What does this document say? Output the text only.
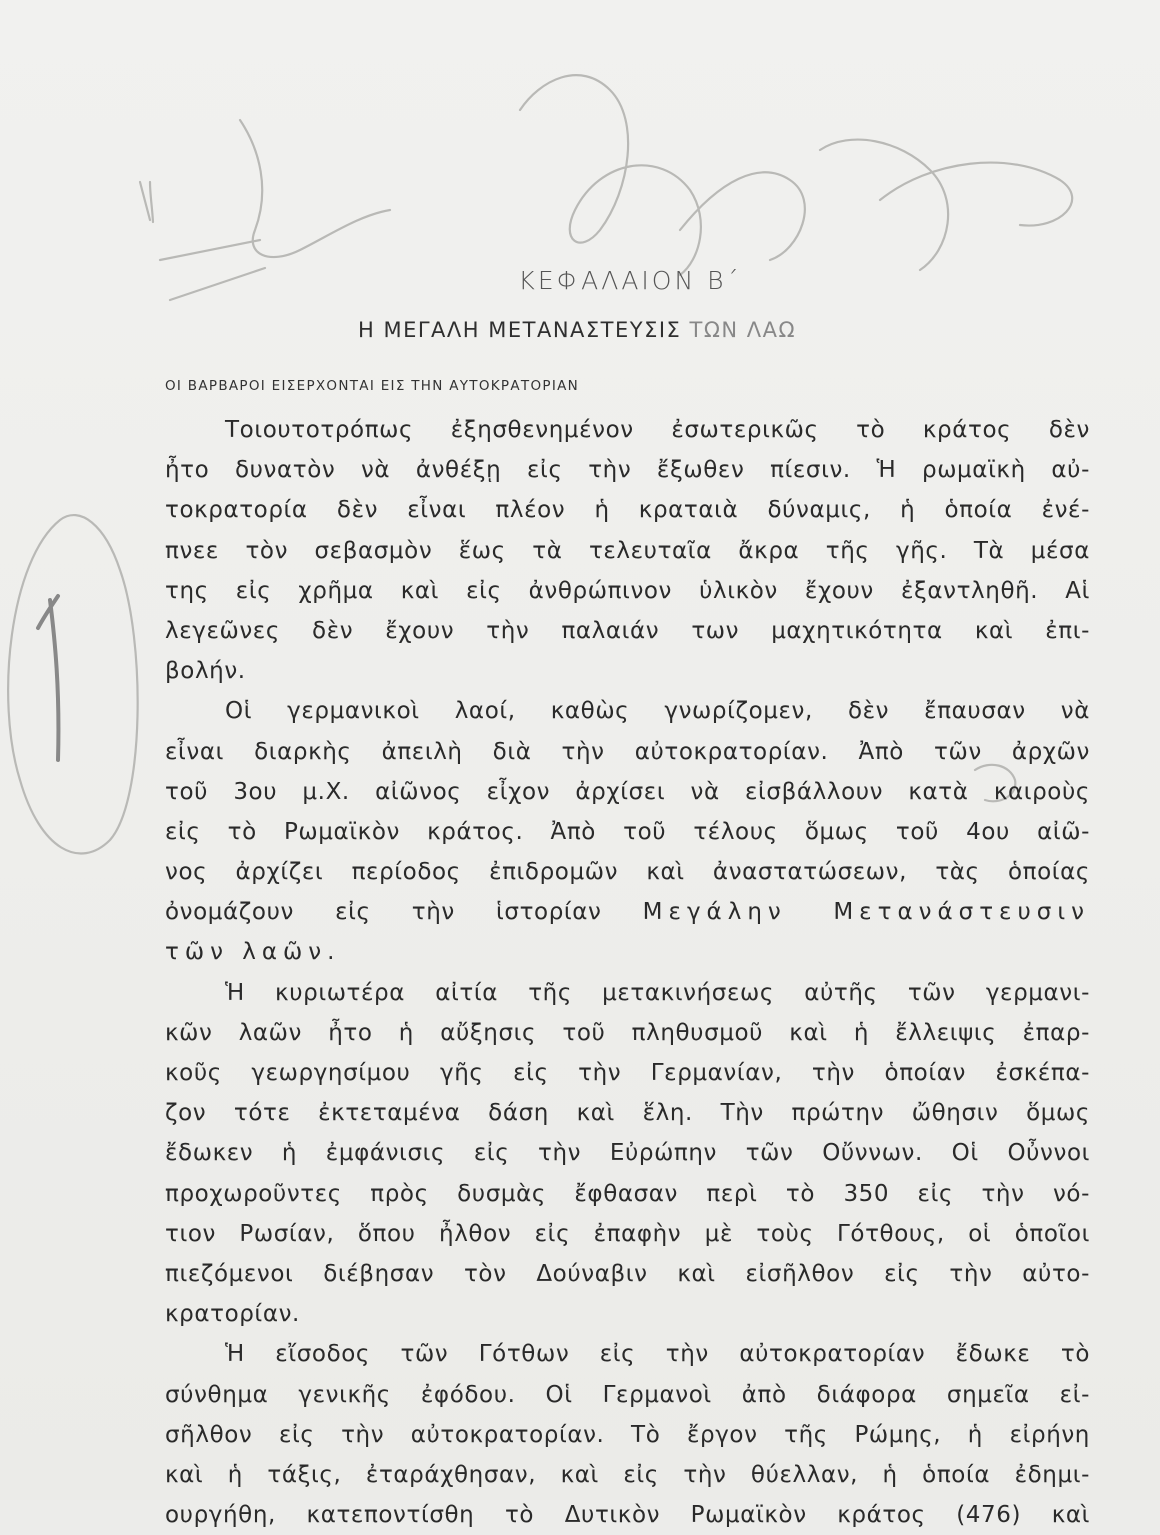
ΚΕΦΑΛΑΙΟΝ Β΄
Η ΜΕΓΑΛΗ ΜΕΤΑΝΑΣΤΕΥΣΙΣ ΤΩΝ ΛΑΩ
ΟΙ ΒΑΡΒΑΡΟΙ ΕΙΣΕΡΧΟΝΤΑΙ ΕΙΣ ΤΗΝ ΑΥΤΟΚΡΑΤΟΡΙΑΝ
Τοιουτοτρόπως ἐξησθενημένον ἐσωτερικῶς τὸ κράτος δὲν
ἦτο δυνατὸν νὰ ἀνθέξῃ εἰς τὴν ἔξωθεν πίεσιν. Ἡ ρωμαϊκὴ αὐ-
τοκρατορία δὲν εἶναι πλέον ἡ κραταιὰ δύναμις, ἡ ὁποία ἐνέ-
πνεε τὸν σεβασμὸν ἕως τὰ τελευταῖα ἄκρα τῆς γῆς. Τὰ μέσα
της εἰς χρῆμα καὶ εἰς ἀνθρώπινον ὑλικὸν ἔχουν ἐξαντληθῆ. Αἱ
λεγεῶνες δὲν ἔχουν τὴν παλαιάν των μαχητικότητα καὶ ἐπι-
βολήν.
Οἱ γερμανικοὶ λαοί, καθὼς γνωρίζομεν, δὲν ἔπαυσαν νὰ
εἶναι διαρκὴς ἀπειλὴ διὰ τὴν αὐτοκρατορίαν. Ἀπὸ τῶν ἀρχῶν
τοῦ 3ου μ.Χ. αἰῶνος εἶχον ἀρχίσει νὰ εἰσβάλλουν κατὰ καιροὺς
εἰς τὸ Ρωμαϊκὸν κράτος. Ἀπὸ τοῦ τέλους ὅμως τοῦ 4ου αἰῶ-
νος ἀρχίζει περίοδος ἐπιδρομῶν καὶ ἀναστατώσεων, τὰς ὁποίας
ὀνομάζουν εἰς τὴν ἱστορίαν Μεγάλην Μετανάστευσιν
τῶν λαῶν.
Ἡ κυριωτέρα αἰτία τῆς μετακινήσεως αὐτῆς τῶν γερμανι-
κῶν λαῶν ἦτο ἡ αὔξησις τοῦ πληθυσμοῦ καὶ ἡ ἔλλειψις ἐπαρ-
κοῦς γεωργησίμου γῆς εἰς τὴν Γερμανίαν, τὴν ὁποίαν ἐσκέπα-
ζον τότε ἐκτεταμένα δάση καὶ ἕλη. Τὴν πρώτην ὤθησιν ὅμως
ἔδωκεν ἡ ἐμφάνισις εἰς τὴν Εὐρώπην τῶν Οὔννων. Οἱ Οὖννοι
προχωροῦντες πρὸς δυσμὰς ἔφθασαν περὶ τὸ 350 εἰς τὴν νό-
τιον Ρωσίαν, ὅπου ἦλθον εἰς ἐπαφὴν μὲ τοὺς Γότθους, οἱ ὁποῖοι
πιεζόμενοι διέβησαν τὸν Δούναβιν καὶ εἰσῆλθον εἰς τὴν αὐτο-
κρατορίαν.
Ἡ εἴσοδος τῶν Γότθων εἰς τὴν αὐτοκρατορίαν ἔδωκε τὸ
σύνθημα γενικῆς ἐφόδου. Οἱ Γερμανοὶ ἀπὸ διάφορα σημεῖα εἰ-
σῆλθον εἰς τὴν αὐτοκρατορίαν. Τὸ ἔργον τῆς Ρώμης, ἡ εἰρήνη
καὶ ἡ τάξις, ἐταράχθησαν, καὶ εἰς τὴν θύελλαν, ἡ ὁποία ἐδημι-
ουργήθη, κατεποντίσθη τὸ Δυτικὸν Ρωμαϊκὸν κράτος (476) καὶ
